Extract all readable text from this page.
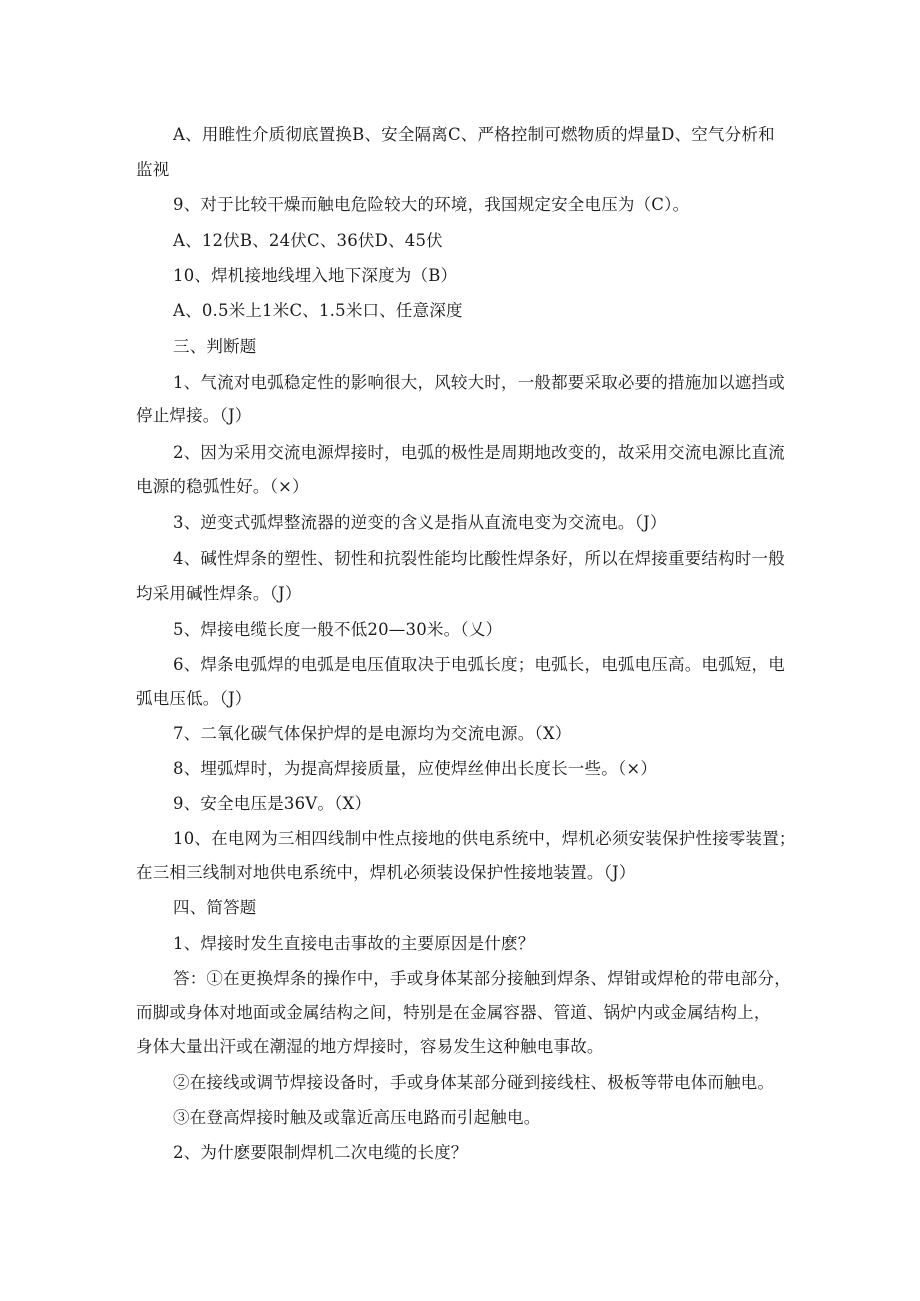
A、用睢性介质彻底置换B、安全隔离C、严格控制可燃物质的焊量D、空气分析和
监视
9、对于比较干燥而触电危险较大的环境，我国规定安全电压为（C）。
A、12伏B、24伏C、36伏D、45伏
10、焊机接地线埋入地下深度为（B）
A、0.5米上1米C、1.5米口、任意深度
三、判断题
1、气流对电弧稳定性的影响很大，风较大时，一般都要采取必要的措施加以遮挡或
停止焊接。（J）
2、因为采用交流电源焊接时，电弧的极性是周期地改变的，故采用交流电源比直流
电源的稳弧性好。（×）
3、逆变式弧焊整流器的逆变的含义是指从直流电变为交流电。（J）
4、碱性焊条的塑性、韧性和抗裂性能均比酸性焊条好，所以在焊接重要结构时一般
均采用碱性焊条。（J）
5、焊接电缆长度一般不低20—30米。（乂）
6、焊条电弧焊的电弧是电压值取决于电弧长度；电弧长，电弧电压高。电弧短，电
弧电压低。（J）
7、二氧化碳气体保护焊的是电源均为交流电源。（X）
8、埋弧焊时，为提高焊接质量，应使焊丝伸出长度长一些。（×）
9、安全电压是36V。（X）
10、在电网为三相四线制中性点接地的供电系统中，焊机必须安装保护性接零装置；
在三相三线制对地供电系统中，焊机必须装设保护性接地装置。（J）
四、简答题
1、焊接时发生直接电击事故的主要原因是什麽？
答：①在更换焊条的操作中，手或身体某部分接触到焊条、焊钳或焊枪的带电部分，
而脚或身体对地面或金属结构之间，特别是在金属容器、管道、锅炉内或金属结构上，
身体大量出汗或在潮湿的地方焊接时，容易发生这种触电事故。
②在接线或调节焊接设备时，手或身体某部分碰到接线柱、极板等带电体而触电。
③在登高焊接时触及或靠近高压电路而引起触电。
2、为什麽要限制焊机二次电缆的长度？
